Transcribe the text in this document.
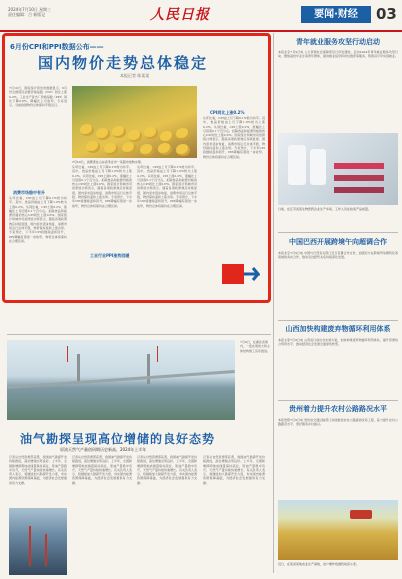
2024年7月10日 星期三
责任编辑：吕 新版记	人民日报	要闻·财经	03
6月份CPI和PPI数据公布——
国内物价走势总体稳定
本报记者 陈某某
7月10日，国家统计局发布数据显示，6月份全国居民消费价格指数（CPI）同比上涨0.2%，工业生产者出厂价格指数（PPI）同比下降0.8%，降幅比上月收窄。专家表示，当前我国物价总体保持平稳运行。
7月10日，消费者在山东省枣庄市一家超市选购水果。
消费市场稳中有升
从环比看，CPI由上月下降0.1%转为持平。其中，食品价格由上月下降1.0%转为上涨0.2%。从同比看，CPI上涨0.2%，涨幅比上月回落0.1个百分点。扣除食品和能源价格的核心CPI同比上涨0.6%。国家统计局城市司首席统计师表示，随着各项政策效应持续显现，国内需求逐步恢复，消费市场运行总体平稳，物价保持温和上涨态势。专家预计，下半年CPI将继续温和回升，PPI降幅有望进一步收窄，物价总体将保持在合理区间。
从环比看，CPI由上月下降0.1%转为持平。其中，食品价格由上月下降1.0%转为上涨0.2%。从同比看，CPI上涨0.2%，涨幅比上月回落0.1个百分点。扣除食品和能源价格的核心CPI同比上涨0.6%。国家统计局城市司首席统计师表示，随着各项政策效应持续显现，国内需求逐步恢复，消费市场运行总体平稳，物价保持温和上涨态势。专家预计，下半年CPI将继续温和回升，PPI降幅有望进一步收窄，物价总体将保持在合理区间。
从环比看，CPI由上月下降0.1%转为持平。其中，食品价格由上月下降1.0%转为上涨0.2%。从同比看，CPI上涨0.2%，涨幅比上月回落0.1个百分点。扣除食品和能源价格的核心CPI同比上涨0.6%。国家统计局城市司首席统计师表示，随着各项政策效应持续显现，国内需求逐步恢复，消费市场运行总体平稳，物价保持温和上涨态势。专家预计，下半年CPI将继续温和回升，PPI降幅有望进一步收窄，物价总体将保持在合理区间。
CPI同比上涨0.2%
从环比看，CPI由上月下降0.1%转为持平。其中，食品价格由上月下降1.0%转为上涨0.2%。从同比看，CPI上涨0.2%，涨幅比上月回落0.1个百分点。扣除食品和能源价格的核心CPI同比上涨0.6%。国家统计局城市司首席统计师表示，随着各项政策效应持续显现，国内需求逐步恢复，消费市场运行总体平稳，物价保持温和上涨态势。专家预计，下半年CPI将继续温和回升，PPI降幅有望进一步收窄，物价总体将保持在合理区间。
工业行业PPI涨势回暖
青年就业服务攻坚行动启动
本报北京7月9日电 人力资源社会保障部近日印发通知，启动2024年青年就业服务攻坚行动，聚焦高校毕业生等青年群体，提供就业指导和岗位推荐等服务，帮助其尽早实现就业。
日前，在江苏省某生物医药企业生产车间，工作人员在检查产品质量。
中国巴西开展跨境午向超调合作
本报北京7月9日电 中国与巴西有关部门近日签署合作文件，加强双方在跨境贸易便利化等领域的务实合作，推动双边经贸关系持续深化发展。
山西加快构建废弃物循环利用体系
本报太原7月9日电 山西省日前出台实施方案，加快构建废弃物循环利用体系，提升资源综合利用水平，推动经济社会发展全面绿色转型。
贵州着力提升农村公路路况水平
本报贵阳7月9日电 贵州省交通运输部门持续推进农村公路提质改造工程，着力提升农村公路路况水平，更好服务乡村振兴。
近日，在某省某地农业生产基地，农户操作收割机收获小麦。
7月9日，在湖北省境内，一座在建的大桥主体结构施工有序推进。
油气勘探呈现高位增储的良好态势
原油天然气产量创同期历史新高，2024年上半年
记者从自然资源部获悉，我国油气勘探开发持续推进，高位增储态势良好。上半年，全国新增探明地质储量保持高位，原油产量稳中有升，天然气产量持续快速增长。有关负责人表示，将继续加大勘探开发力度，夯实国内能源资源保障基础，为经济社会发展提供有力支撑。
记者从自然资源部获悉，我国油气勘探开发持续推进，高位增储态势良好。上半年，全国新增探明地质储量保持高位，原油产量稳中有升，天然气产量持续快速增长。有关负责人表示，将继续加大勘探开发力度，夯实国内能源资源保障基础，为经济社会发展提供有力支撑。
记者从自然资源部获悉，我国油气勘探开发持续推进，高位增储态势良好。上半年，全国新增探明地质储量保持高位，原油产量稳中有升，天然气产量持续快速增长。有关负责人表示，将继续加大勘探开发力度，夯实国内能源资源保障基础，为经济社会发展提供有力支撑。
记者从自然资源部获悉，我国油气勘探开发持续推进，高位增储态势良好。上半年，全国新增探明地质储量保持高位，原油产量稳中有升，天然气产量持续快速增长。有关负责人表示，将继续加大勘探开发力度，夯实国内能源资源保障基础，为经济社会发展提供有力支撑。
